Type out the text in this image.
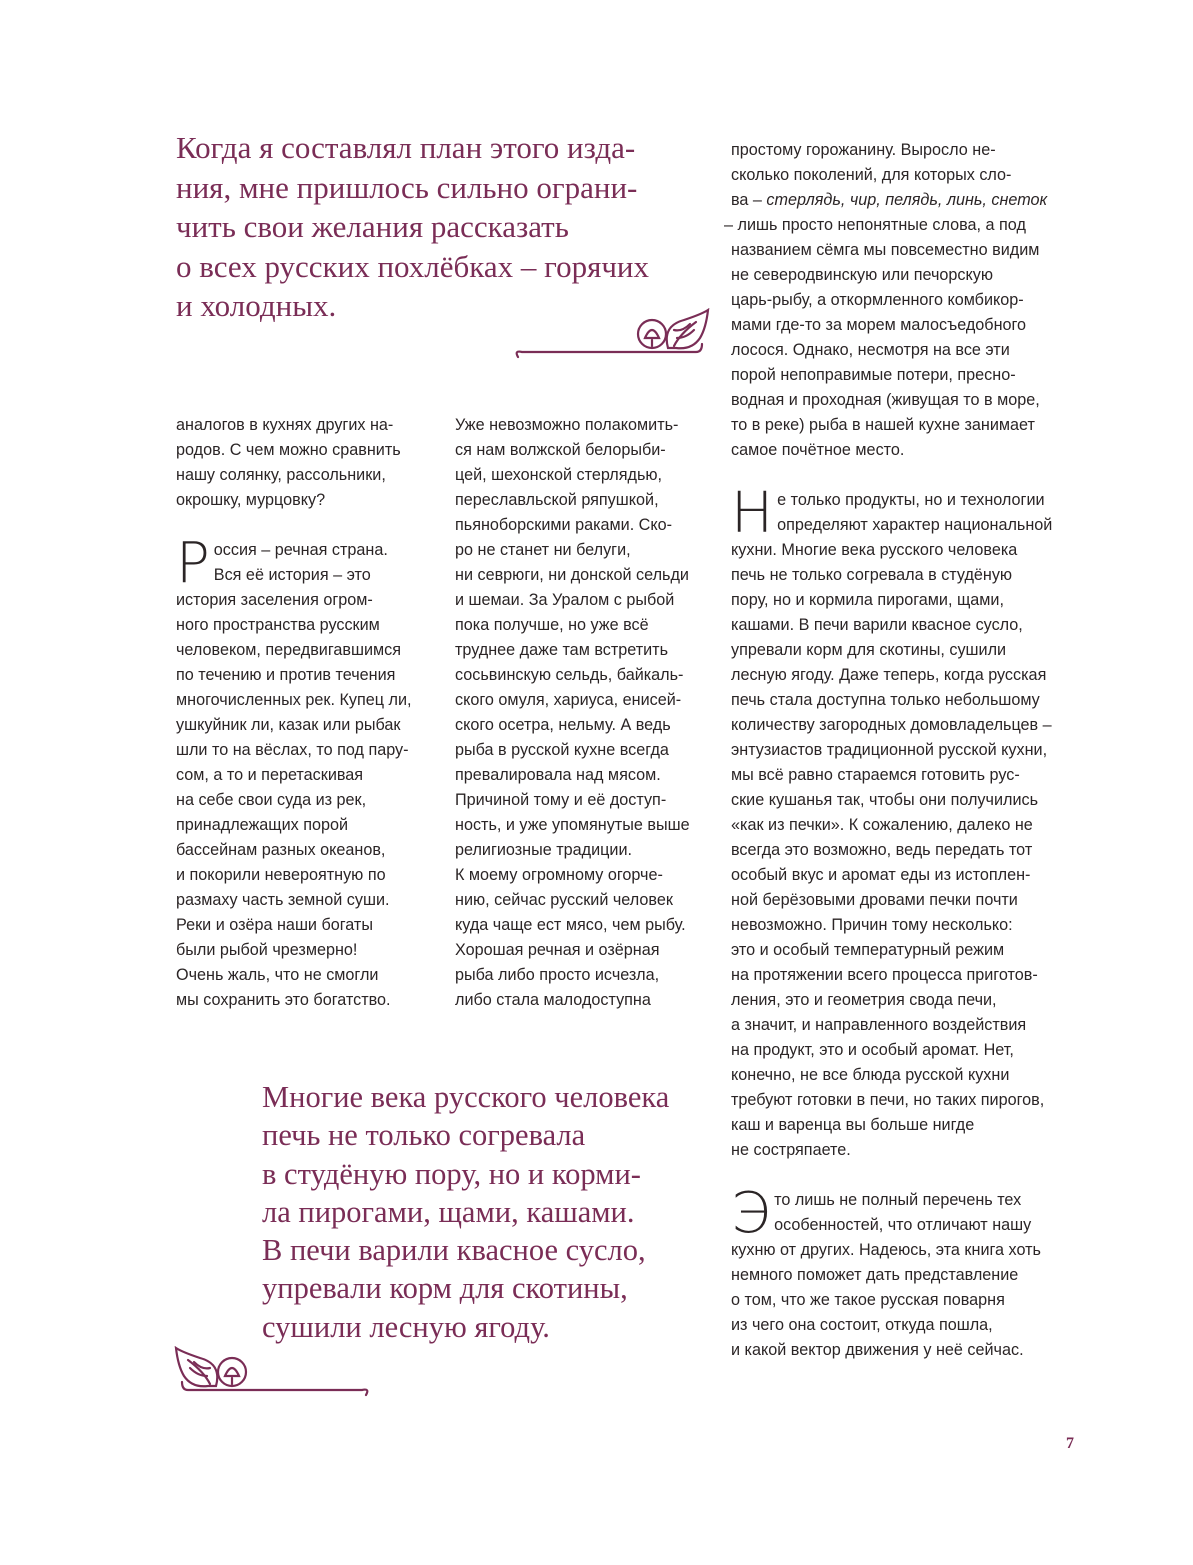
Когда я составлял план этого изда-
ния, мне пришлось сильно ограни-
чить свои желания рассказать
о всех русских похлёбках – горячих
и холодных.
аналогов в кухнях других на-
родов. С чем можно сравнить
нашу солянку, рассольники,
окрошку, мурцовку?
Р оссия – речная страна.
Вся её история – это
история заселения огром-
ного пространства русским
человеком, передвигавшимся
по течению и против течения
многочисленных рек. Купец ли,
ушкуйник ли, казак или рыбак
шли то на вёслах, то под пару-
сом, а то и перетаскивая
на себе свои суда из рек,
принадлежащих порой
бассейнам разных океанов,
и покорили невероятную по
размаху часть земной суши.
Реки и озёра наши богаты
были рыбой чрезмерно!
Очень жаль, что не смогли
мы сохранить это богатство.
Уже невозможно полакомить-
ся нам волжской белорыби-
цей, шехонской стерлядью,
переславльской ряпушкой,
пьяноборскими раками. Ско-
ро не станет ни белуги,
ни севрюги, ни донской сельди
и шемаи. За Уралом с рыбой
пока получше, но уже всё
труднее даже там встретить
сосьвинскую сельдь, байкаль-
ского омуля, хариуса, енисей-
ского осетра, нельму. А ведь
рыба в русской кухне всегда
превалировала над мясом.
Причиной тому и её доступ-
ность, и уже упомянутые выше
религиозные традиции.
К моему огромному огорче-
нию, сейчас русский человек
куда чаще ест мясо, чем рыбу.
Хорошая речная и озёрная
рыба либо просто исчезла,
либо стала малодоступна
простому горожанину. Выросло не-
сколько поколений, для которых сло-
ва – стерлядь, чир, пелядь, линь, снеток
– лишь просто непонятные слова, а под
названием сёмга мы повсеместно видим
не северодвинскую или печорскую
царь-рыбу, а откормленного комбикор-
мами где-то за морем малосъедобного
лосося. Однако, несмотря на все эти
порой непоправимые потери, пресно-
водная и проходная (живущая то в море,
то в реке) рыба в нашей кухне занимает
самое почётное место.
Н е только продукты, но и технологии
определяют характер национальной
кухни. Многие века русского человека
печь не только согревала в студёную
пору, но и кормила пирогами, щами,
кашами. В печи варили квасное сусло,
упревали корм для скотины, сушили
лесную ягоду. Даже теперь, когда русская
печь стала доступна только небольшому
количеству загородных домовладельцев –
энтузиастов традиционной русской кухни,
мы всё равно стараемся готовить рус-
ские кушанья так, чтобы они получились
«как из печки». К сожалению, далеко не
всегда это возможно, ведь передать тот
особый вкус и аромат еды из истоплен-
ной берёзовыми дровами печки почти
невозможно. Причин тому несколько:
это и особый температурный режим
на протяжении всего процесса приготов-
ления, это и геометрия свода печи,
а значит, и направленного воздействия
на продукт, это и особый аромат. Нет,
конечно, не все блюда русской кухни
требуют готовки в печи, но таких пирогов,
каш и варенца вы больше нигде
не состряпаете.
Э то лишь не полный перечень тех
особенностей, что отличают нашу
кухню от других. Надеюсь, эта книга хоть
немного поможет дать представление
о том, что же такое русская поварня
из чего она состоит, откуда пошла,
и какой вектор движения у неё сейчас.
Многие века русского человека
печь не только согревала
в студёную пору, но и корми-
ла пирогами, щами, кашами.
В печи варили квасное сусло,
упревали корм для скотины,
сушили лесную ягоду.
7
